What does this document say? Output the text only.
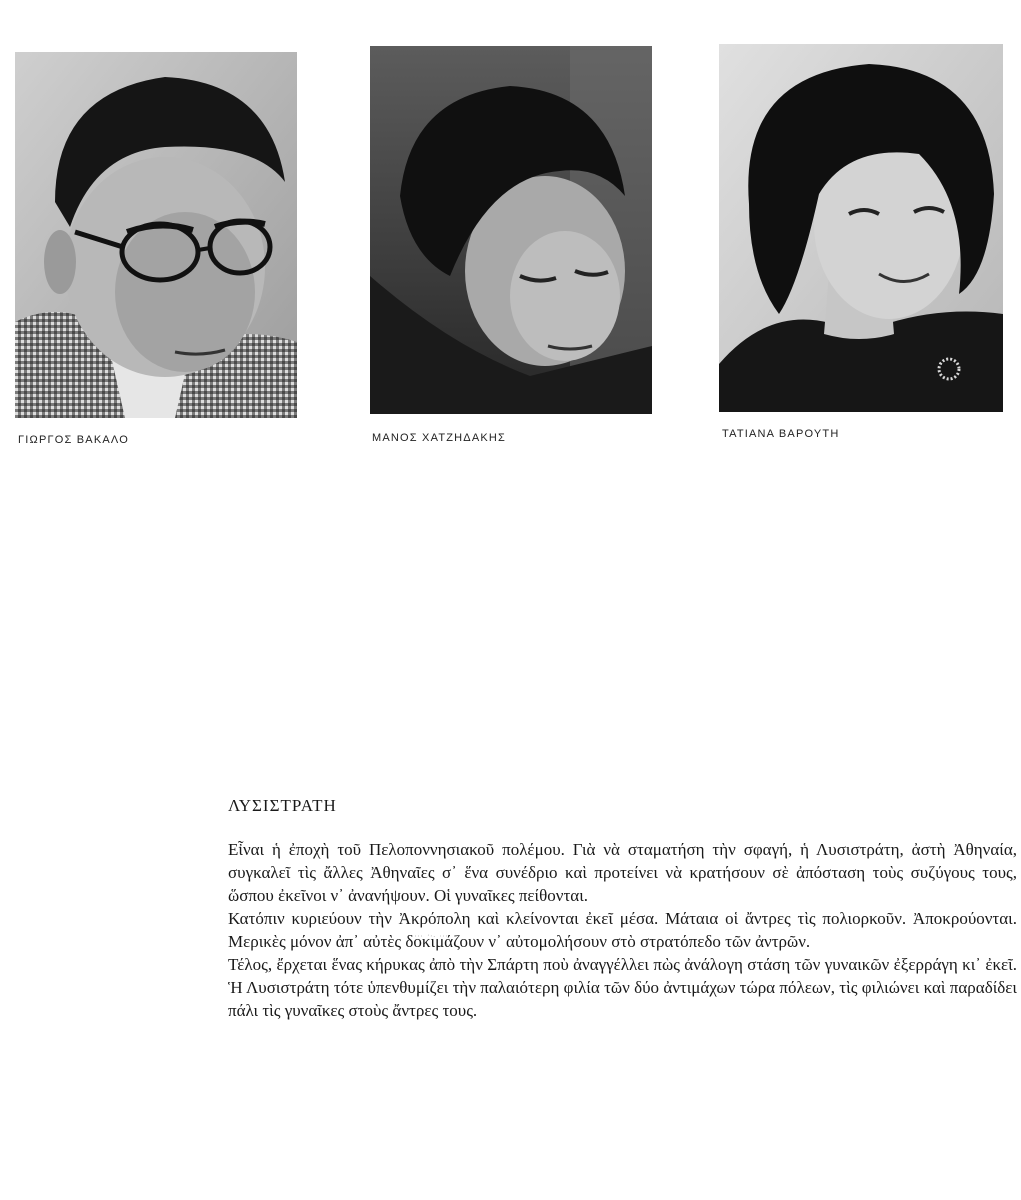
ΓΙΩΡΓΟΣ ΒΑΚΑΛΟ	ΜΑΝΟΣ ΧΑΤΖΗΔΑΚΗΣ	ΤΑΤΙΑΝΑ ΒΑΡΟΥΤΗ
ΛΥΣΙΣΤΡΑΤΗ

Εἶναι ἡ ἐποχὴ τοῦ Πελοποννησιακοῦ πολέμου. Γιὰ νὰ σταματήση τὴν σφαγή, ἡ Λυσιστράτη, ἀστὴ Ἀθηναία, συγκαλεῖ τὶς ἄλλες Ἀθηναῖες σ᾽ ἕνα συνέδριο καὶ προτείνει νὰ κρατήσουν σὲ ἀπόσταση τοὺς συζύγους τους, ὥσπου ἐκεῖνοι ν᾽ ἀνανήψουν. Οἱ γυναῖκες πείθονται.

Κατόπιν κυριεύουν τὴν Ἀκρόπολη καὶ κλείνονται ἐκεῖ μέσα. Μάταια οἱ ἄντρες τὶς πολιορκοῦν. Ἀποκρούονται. Μερικὲς μόνον ἀπ᾽ αὐτὲς δοκιμάζουν ν᾽ αὐτομολήσουν στὸ στρατόπεδο τῶν ἀντρῶν.

Τέλος, ἔρχεται ἕνας κήρυκας ἀπὸ τὴν Σπάρτη ποὺ ἀναγγέλλει πὼς ἀνάλογη στάση τῶν γυναικῶν ἐξερράγη κι᾽ ἐκεῖ. Ἡ Λυσιστράτη τότε ὑπενθυμίζει τὴν παλαιότερη φιλία τῶν δύο ἀντιμάχων τώρα πόλεων, τὶς φιλιώνει καὶ παραδίδει πάλι τὶς γυναῖκες στοὺς ἄντρες τους.
